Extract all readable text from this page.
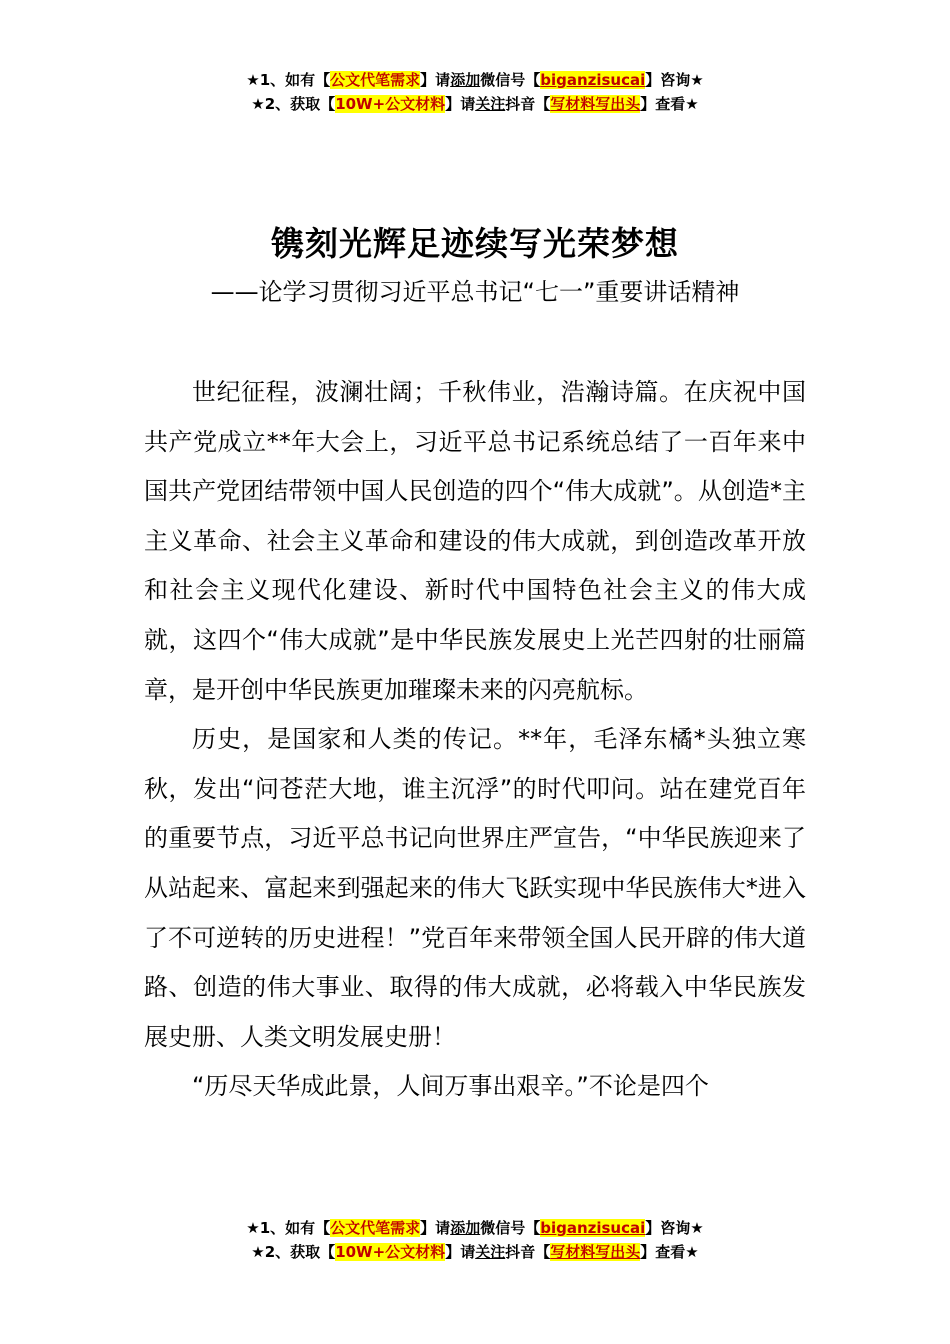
★1、如有【公文代笔需求】请添加微信号【biganzisucai】咨询★
★2、获取【10W+公文材料】请关注抖音【写材料写出头】查看★
镌刻光辉足迹续写光荣梦想
——论学习贯彻习近平总书记“七一”重要讲话精神

世纪征程，波澜壮阔；千秋伟业，浩瀚诗篇。在庆祝中国共产党成立**年大会上，习近平总书记系统总结了一百年来中国共产党团结带领中国人民创造的四个“伟大成就”。从创造*主主义革命、社会主义革命和建设的伟大成就，到创造改革开放和社会主义现代化建设、新时代中国特色社会主义的伟大成就，这四个“伟大成就”是中华民族发展史上光芒四射的壮丽篇章，是开创中华民族更加璀璨未来的闪亮航标。

历史，是国家和人类的传记。**年，毛泽东橘*头独立寒秋，发出“问苍茫大地，谁主沉浮”的时代叩问。站在建党百年的重要节点，习近平总书记向世界庄严宣告，“中华民族迎来了从站起来、富起来到强起来的伟大飞跃实现中华民族伟大*进入了不可逆转的历史进程！”党百年来带领全国人民开辟的伟大道路、创造的伟大事业、取得的伟大成就，必将载入中华民族发展史册、人类文明发展史册！

“历尽天华成此景，人间万事出艰辛。”不论是四个

★1、如有【公文代笔需求】请添加微信号【biganzisucai】咨询★
★2、获取【10W+公文材料】请关注抖音【写材料写出头】查看★
